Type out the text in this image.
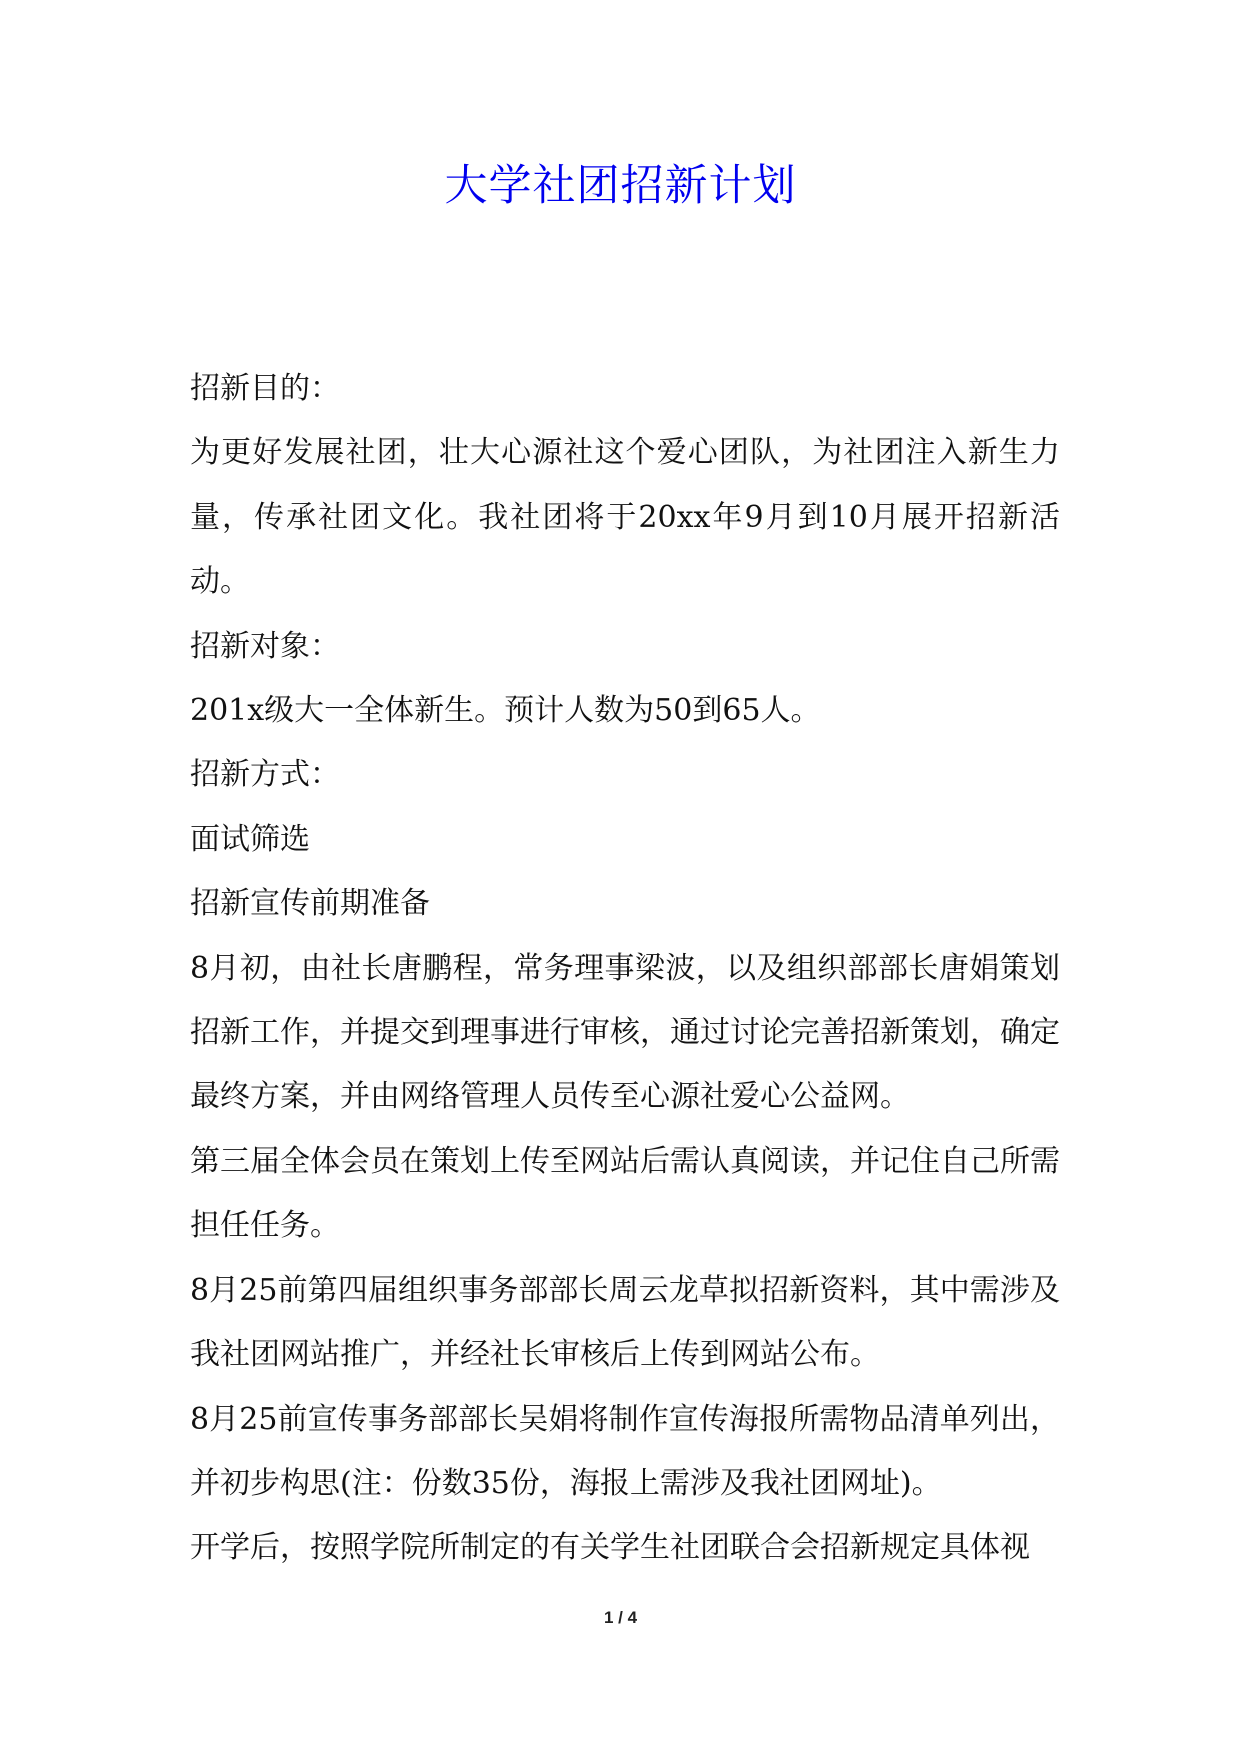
大学社团招新计划

招新目的：

为更好发展社团，壮大心源社这个爱心团队，为社团注入新生力量，传承社团文化。我社团将于20xx年9月到10月展开招新活动。

招新对象：

201x级大一全体新生。预计人数为50到65人。

招新方式：

面试筛选

招新宣传前期准备

8月初，由社长唐鹏程，常务理事梁波，以及组织部部长唐娟策划招新工作，并提交到理事进行审核，通过讨论完善招新策划，确定最终方案，并由网络管理人员传至心源社爱心公益网。

第三届全体会员在策划上传至网站后需认真阅读，并记住自己所需担任任务。

8月25前第四届组织事务部部长周云龙草拟招新资料，其中需涉及我社团网站推广，并经社长审核后上传到网站公布。

8月25前宣传事务部部长吴娟将制作宣传海报所需物品清单列出，并初步构思(注：份数35份，海报上需涉及我社团网址)。

开学后，按照学院所制定的有关学生社团联合会招新规定具体视

1 / 4
